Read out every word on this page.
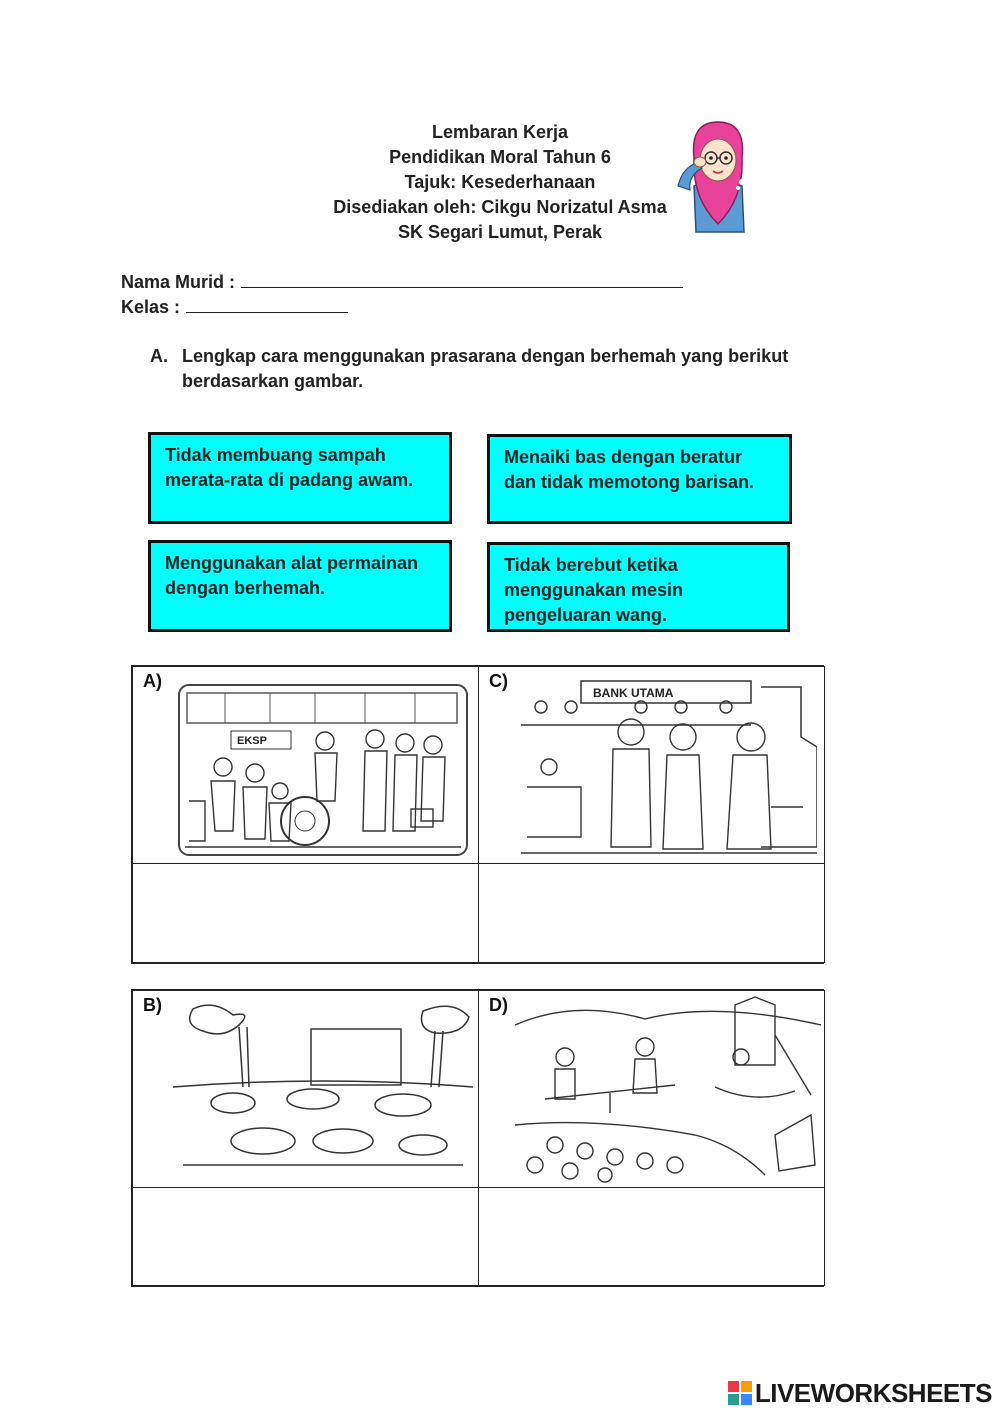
Lembaran Kerja
Pendidikan Moral Tahun 6
Tajuk: Kesederhanaan
Disediakan oleh: Cikgu Norizatul Asma
SK Segari Lumut, Perak
Nama Murid :
Kelas :
A. Lengkap cara menggunakan prasarana dengan berhemah yang berikut berdasarkan gambar.
Tidak membuang sampah merata-rata di padang awam.
Menaiki bas dengan beratur dan tidak memotong barisan.
Menggunakan alat permainan dengan berhemah.
Tidak berebut ketika menggunakan mesin pengeluaran wang.
A)
EKSP
C)
BANK UTAMA
B)	D)
LIVEWORKSHEETS
